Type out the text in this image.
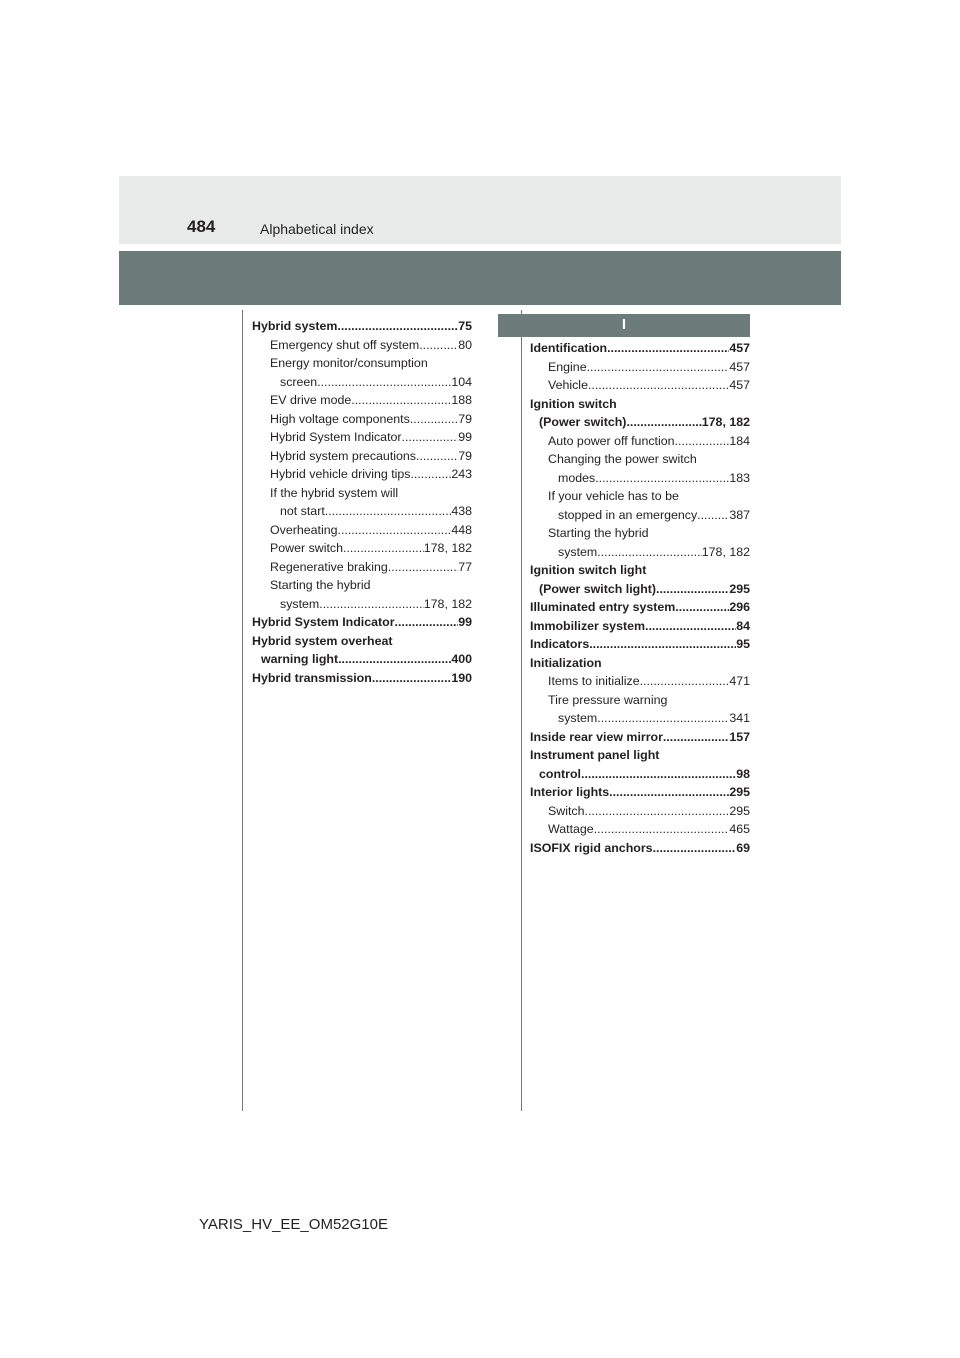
484	Alphabetical index
I
Hybrid system .....	75
Emergency shut off system .....	80
Energy monitor/consumption
screen .....	104
EV drive mode .....	188
High voltage components .....	79
Hybrid System Indicator .....	99
Hybrid system precautions .....	79
Hybrid vehicle driving tips .....	243
If the hybrid system will
not start .....	438
Overheating .....	448
Power switch .....	178, 182
Regenerative braking .....	77
Starting the hybrid
system .....	178, 182
Hybrid System Indicator .....	99
Hybrid system overheat
warning light .....	400
Hybrid transmission .....	190
Identification .....	457
Engine .....	457
Vehicle .....	457
Ignition switch
(Power switch) .....	178, 182
Auto power off function .....	184
Changing the power switch
modes .....	183
If your vehicle has to be
stopped in an emergency .....	387
Starting the hybrid
system .....	178, 182
Ignition switch light
(Power switch light) .....	295
Illuminated entry system .....	296
Immobilizer system .....	84
Indicators .....	95
Initialization
Items to initialize .....	471
Tire pressure warning
system .....	341
Inside rear view mirror .....	157
Instrument panel light
control .....	98
Interior lights .....	295
Switch .....	295
Wattage .....	465
ISOFIX rigid anchors .....	69
YARIS_HV_EE_OM52G10E
